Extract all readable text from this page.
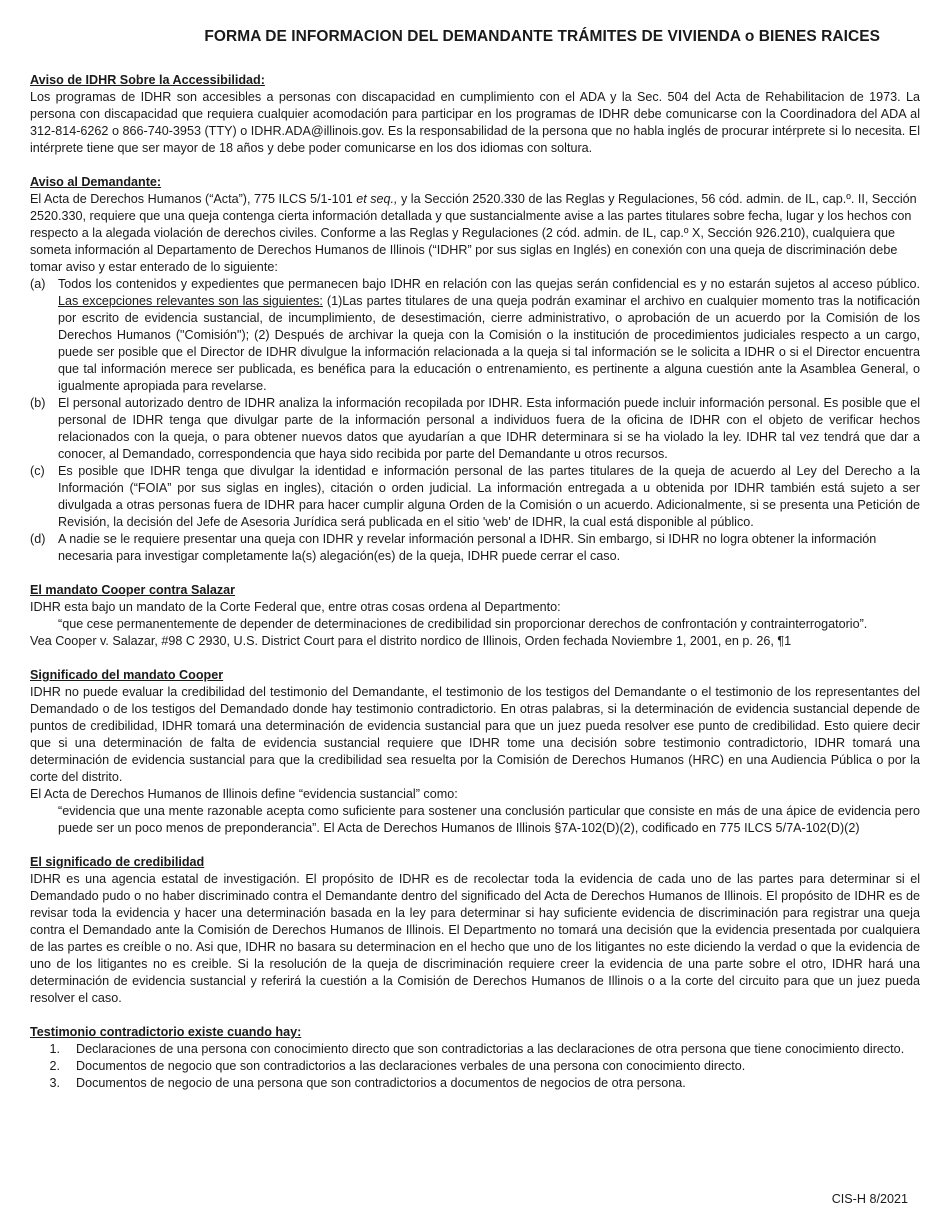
FORMA DE INFORMACION DEL DEMANDANTE TRÁMITES DE VIVIENDA o BIENES RAICES

Aviso de IDHR Sobre la Accessibilidad:

Los programas de IDHR son accesibles a personas con discapacidad en cumplimiento con el ADA y la Sec. 504 del Acta de Rehabilitacion de 1973. La persona con discapacidad que requiera cualquier acomodación para participar en los programas de IDHR debe comunicarse con la Coordinadora del ADA al 312-814-6262 o 866-740-3953 (TTY) o IDHR.ADA@illinois.gov. Es la responsabilidad de la persona que no habla inglés de procurar intérprete si lo necesita. El intérprete tiene que ser mayor de 18 años y debe poder comunicarse en los dos idiomas con soltura.

Aviso al Demandante:

El Acta de Derechos Humanos (“Acta”), 775 ILCS 5/1-101 et seq., y la Sección 2520.330 de las Reglas y Regulaciones, 56 cód. admin. de IL, cap.º. II, Sección 2520.330, requiere que una queja contenga cierta información detallada y que sustancialmente avise a las partes titulares sobre fecha, lugar y los hechos con respecto a la alegada violación de derechos civiles. Conforme a las Reglas y Regulaciones (2 cód. admin. de IL, cap.º X, Sección 926.210), cualquiera que someta información al Departamento de Derechos Humanos de Illinois (“IDHR” por sus siglas en Inglés) en conexión con una queja de discriminación debe tomar aviso y estar enterado de lo siguiente:

(a) Todos los contenidos y expedientes que permanecen bajo IDHR en relación con las quejas serán confidencial es y no estarán sujetos al acceso público. Las excepciones relevantes son las siguientes: (1)Las partes titulares de una queja podrán examinar el archivo en cualquier momento tras la notificación por escrito de evidencia sustancial, de incumplimiento, de desestimación, cierre administrativo, o aprobación de un acuerdo por la Comisión de los Derechos Humanos ("Comisión"); (2) Después de archivar la queja con la Comisión o la institución de procedimientos judiciales respecto a un cargo, puede ser posible que el Director de IDHR divulgue la información relacionada a la queja si tal información se le solicita a IDHR o si el Director encuentra que tal información merece ser publicada, es benéfica para la educación o entrenamiento, es pertinente a alguna cuestión ante la Asamblea General, o igualmente apropiada para revelarse.
(b) El personal autorizado dentro de IDHR analiza la información recopilada por IDHR. Esta información puede incluir información personal. Es posible que el personal de IDHR tenga que divulgar parte de la información personal a individuos fuera de la oficina de IDHR con el objeto de verificar hechos relacionados con la queja, o para obtener nuevos datos que ayudarían a que IDHR determinara si se ha violado la ley. IDHR tal vez tendrá que dar a conocer, al Demandado, correspondencia que haya sido recibida por parte del Demandante u otros recursos.
(c)	Es posible que IDHR tenga que divulgar la identidad e información personal de las partes titulares de la queja de acuerdo al Ley del Derecho a la Información (“FOIA” por sus siglas en ingles), citación o orden judicial. La información entregada a u obtenida por IDHR también está sujeto a ser divulgada a otras personas fuera de IDHR para hacer cumplir alguna Orden de la Comisión o un acuerdo. Adicionalmente, si se presenta una Petición de Revisión, la decisión del Jefe de Asesoria Jurídica será publicada en el sitio 'web' de IDHR, la cual está disponible al público.
(d) A nadie se le requiere presentar una queja con IDHR y revelar información personal a IDHR. Sin embargo, si IDHR no logra obtener la información necesaria para investigar completamente la(s) alegación(es) de la queja, IDHR puede cerrar el caso.

El mandato Cooper contra Salazar

IDHR esta bajo un mandato de la Corte Federal que, entre otras cosas ordena al Departmento:

“que cese permanentemente de depender de determinaciones de credibilidad sin proporcionar derechos de confrontación y contrainterrogatorio”.

Vea Cooper v. Salazar, #98 C 2930, U.S. District Court para el distrito nordico de Illinois, Orden fechada Noviembre 1, 2001, en p. 26, ¶1

Significado del mandato Cooper

IDHR no puede evaluar la credibilidad del testimonio del Demandante, el testimonio de los testigos del Demandante o el testimonio de los representantes del Demandado o de los testigos del Demandado donde hay testimonio contradictorio. En otras palabras, si la determinación de evidencia sustancial depende de puntos de credibilidad, IDHR tomará una determinación de evidencia sustancial para que un juez pueda resolver ese punto de credibilidad. Esto quiere decir que si una determinación de falta de evidencia sustancial requiere que IDHR tome una decisión sobre testimonio contradictorio, IDHR tomará una determinación de evidencia sustancial para que la credibilidad sea resuelta por la Comisión de Derechos Humanos (HRC) en una Audiencia Pública o por la corte del distrito.

El Acta de Derechos Humanos de Illinois define “evidencia sustancial” como:

“evidencia que una mente razonable acepta como suficiente para sostener una conclusión particular que consiste en más de una ápice de evidencia pero puede ser un poco menos de preponderancia”. El Acta de Derechos Humanos de Illinois §7A-102(D)(2), codificado en 775 ILCS 5/7A-102(D)(2)

El significado de credibilidad

IDHR es una agencia estatal de investigación. El propósito de IDHR es de recolectar toda la evidencia de cada uno de las partes para determinar si el Demandado pudo o no haber discriminado contra el Demandante dentro del significado del Acta de Derechos Humanos de Illinois. El propósito de IDHR es de revisar toda la evidencia y hacer una determinación basada en la ley para determinar si hay suficiente evidencia de discriminación para registrar una queja contra el Demandado ante la Comisión de Derechos Humanos de Illinois. El Departmento no tomará una decisión que la evidencia presentada por cualquiera de las partes es creíble o no. Asi que, IDHR no basara su determinacion en el hecho que uno de los litigantes no este diciendo la verdad o que la evidencia de uno de los litigantes no es creible. Si la resolución de la queja de discriminación requiere creer la evidencia de una parte sobre el otro, IDHR hará una determinación de evidencia sustancial y referirá la cuestión a la Comisión de Derechos Humanos de Illinois o a la corte del circuito para que un juez pueda resolver el caso.

Testimonio contradictorio existe cuando hay:

1.	Declaraciones de una persona con conocimiento directo que son contradictorias a las declaraciones de otra persona que tiene conocimiento directo.
2.	Documentos de negocio que son contradictorios a las declaraciones verbales de una persona con conocimiento directo.
3.	Documentos de negocio de una persona que son contradictorios a documentos de negocios de otra persona.
CIS-H 8/2021
